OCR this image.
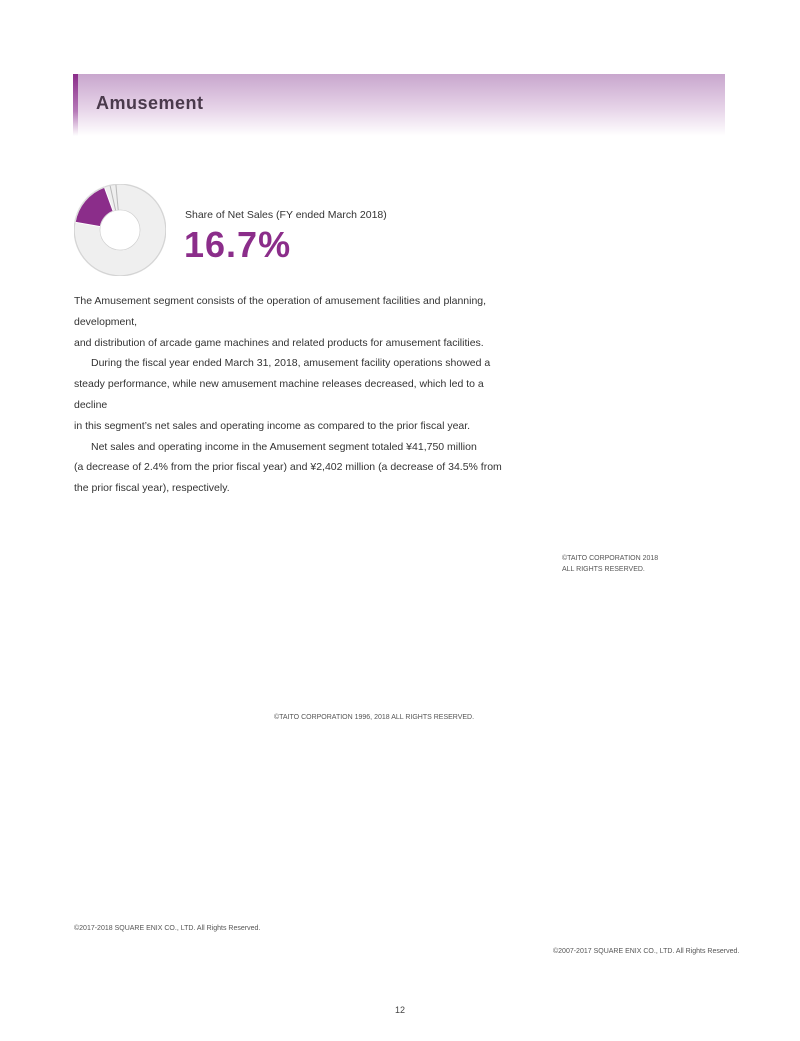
Amusement
Share of Net Sales (FY ended March 2018)
16.7%

The Amusement segment consists of the operation of amusement facilities and planning, development,
and distribution of arcade game machines and related products for amusement facilities.

During the fiscal year ended March 31, 2018, amusement facility operations showed a
steady performance, while new amusement machine releases decreased, which led to a decline
in this segment’s net sales and operating income as compared to the prior fiscal year.

Net sales and operating income in the Amusement segment totaled ¥41,750 million
(a decrease of 2.4% from the prior fiscal year) and ¥2,402 million (a decrease of 34.5% from
the prior fiscal year), respectively.

©TAITO CORPORATION 2018
ALL RIGHTS RESERVED.
©TAITO CORPORATION 1996, 2018 ALL RIGHTS RESERVED.
©2017-2018 SQUARE ENIX CO., LTD. All Rights Reserved.
©2007-2017 SQUARE ENIX CO., LTD. All Rights Reserved.
12
